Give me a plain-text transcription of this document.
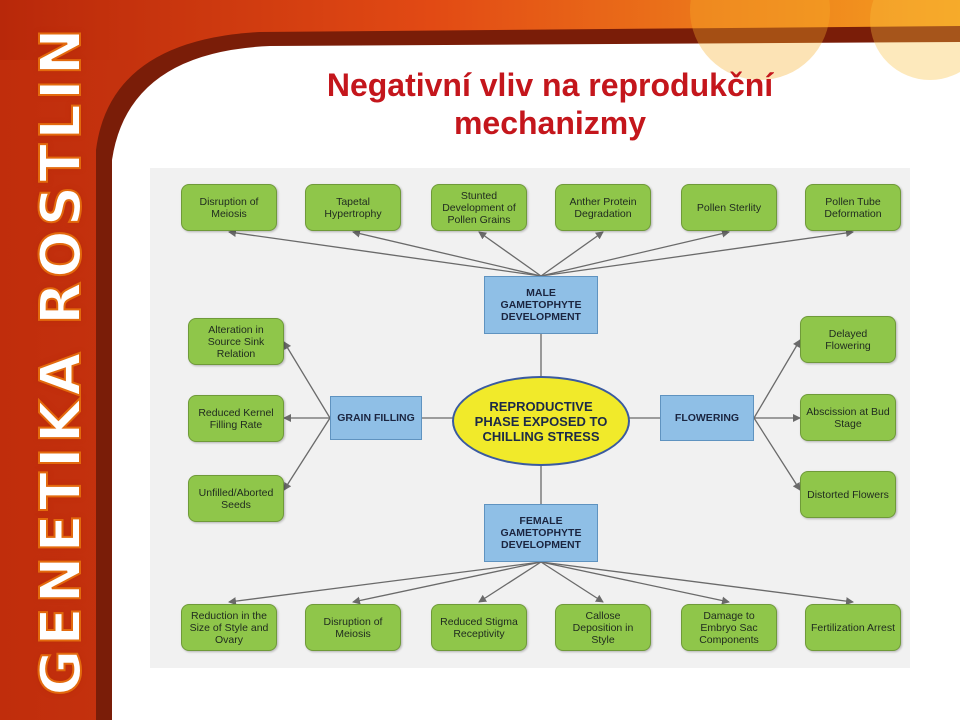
Negativní vliv na reprodukční
mechanizmy
GENETIKA ROSTLIN	Disruption of Meiosis
Tapetal Hypertrophy
Stunted Development of Pollen Grains
Anther Protein Degradation	Pollen Sterlity	Pollen Tube Deformation
MALE GAMETOPHYTE DEVELOPMENT
Alteration in Source Sink Relation
Reduced Kernel Filling Rate
Unfilled/Aborted Seeds
GRAIN FILLING
REPRODUCTIVE PHASE EXPOSED TO CHILLING STRESS
FLOWERING
Delayed Flowering
Abscission at Bud Stage
Distorted Flowers
FEMALE GAMETOPHYTE DEVELOPMENT
Reduction in the Size of Style and Ovary
Disruption of Meiosis
Reduced Stigma Receptivity
Callose Deposition in Style
Damage to Embryo Sac Components
Fertilization Arrest
